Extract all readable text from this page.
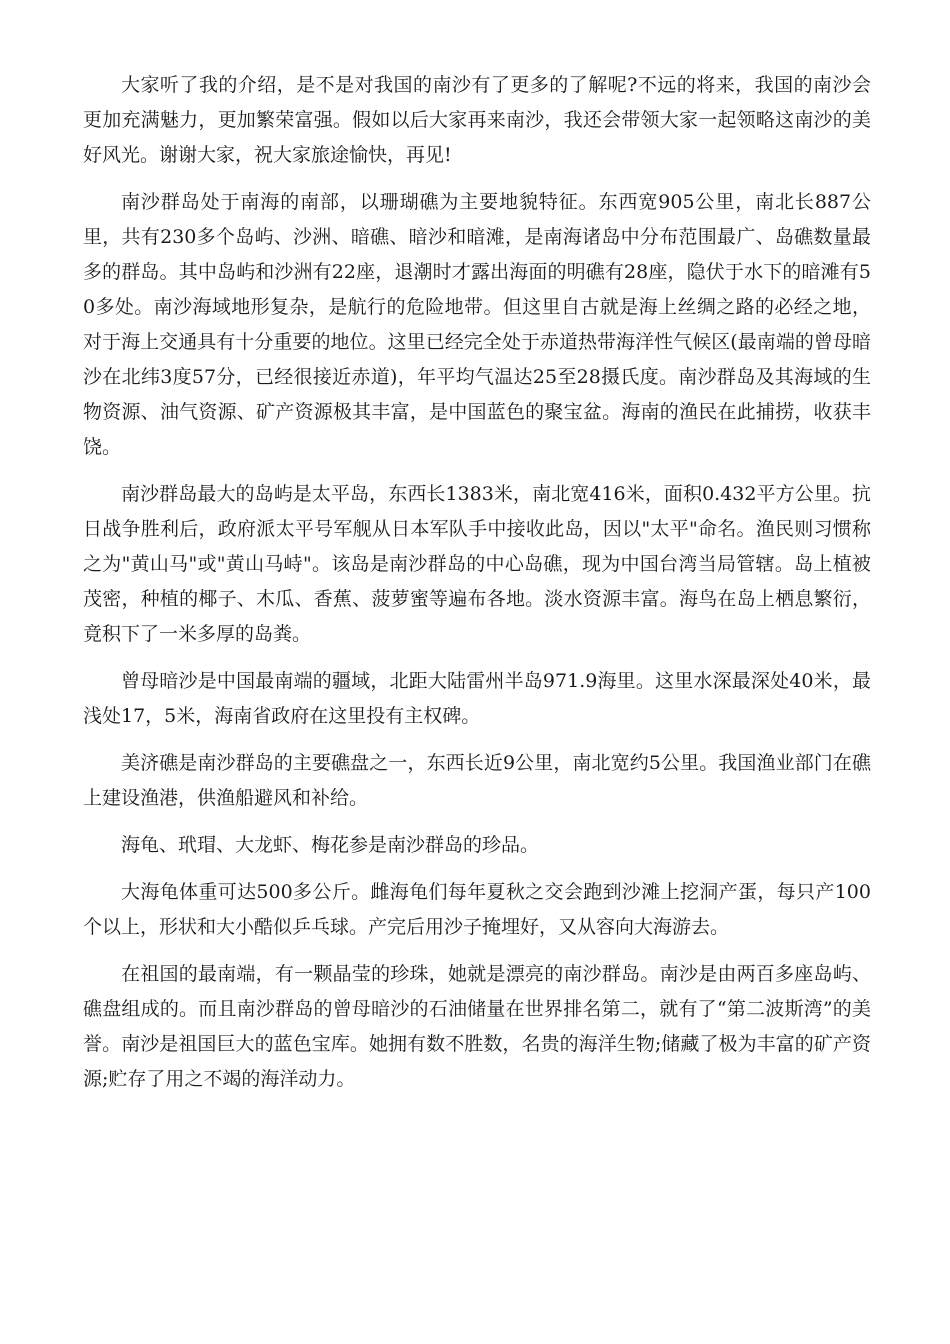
大家听了我的介绍，是不是对我国的南沙有了更多的了解呢?不远的将来，我国的南沙会更加充满魅力，更加繁荣富强。假如以后大家再来南沙，我还会带领大家一起领略这南沙的美好风光。谢谢大家，祝大家旅途愉快，再见!

南沙群岛处于南海的南部，以珊瑚礁为主要地貌特征。东西宽905公里，南北长887公里，共有230多个岛屿、沙洲、暗礁、暗沙和暗滩，是南海诸岛中分布范围最广、岛礁数量最多的群岛。其中岛屿和沙洲有22座，退潮时才露出海面的明礁有28座，隐伏于水下的暗滩有50多处。南沙海域地形复杂，是航行的危险地带。但这里自古就是海上丝绸之路的必经之地，对于海上交通具有十分重要的地位。这里已经完全处于赤道热带海洋性气候区(最南端的曾母暗沙在北纬3度57分，已经很接近赤道)，年平均气温达25至28摄氏度。南沙群岛及其海域的生物资源、油气资源、矿产资源极其丰富，是中国蓝色的聚宝盆。海南的渔民在此捕捞，收获丰饶。

南沙群岛最大的岛屿是太平岛，东西长1383米，南北宽416米，面积0.432平方公里。抗日战争胜利后，政府派太平号军舰从日本军队手中接收此岛，因以"太平"命名。渔民则习惯称之为"黄山马"或"黄山马峙"。该岛是南沙群岛的中心岛礁，现为中国台湾当局管辖。岛上植被茂密，种植的椰子、木瓜、香蕉、菠萝蜜等遍布各地。淡水资源丰富。海鸟在岛上栖息繁衍，竟积下了一米多厚的岛粪。

曾母暗沙是中国最南端的疆域，北距大陆雷州半岛971.9海里。这里水深最深处40米，最浅处17，5米，海南省政府在这里投有主权碑。

美济礁是南沙群岛的主要礁盘之一，东西长近9公里，南北宽约5公里。我国渔业部门在礁上建设渔港，供渔船避风和补给。

海龟、玳瑁、大龙虾、梅花参是南沙群岛的珍品。

大海龟体重可达500多公斤。雌海龟们每年夏秋之交会跑到沙滩上挖洞产蛋，每只产100个以上，形状和大小酷似乒乓球。产完后用沙子掩埋好，又从容向大海游去。

在祖国的最南端，有一颗晶莹的珍珠，她就是漂亮的南沙群岛。南沙是由两百多座岛屿、礁盘组成的。而且南沙群岛的曾母暗沙的石油储量在世界排名第二，就有了“第二波斯湾”的美誉。南沙是祖国巨大的蓝色宝库。她拥有数不胜数，名贵的海洋生物;储藏了极为丰富的矿产资源;贮存了用之不竭的海洋动力。
